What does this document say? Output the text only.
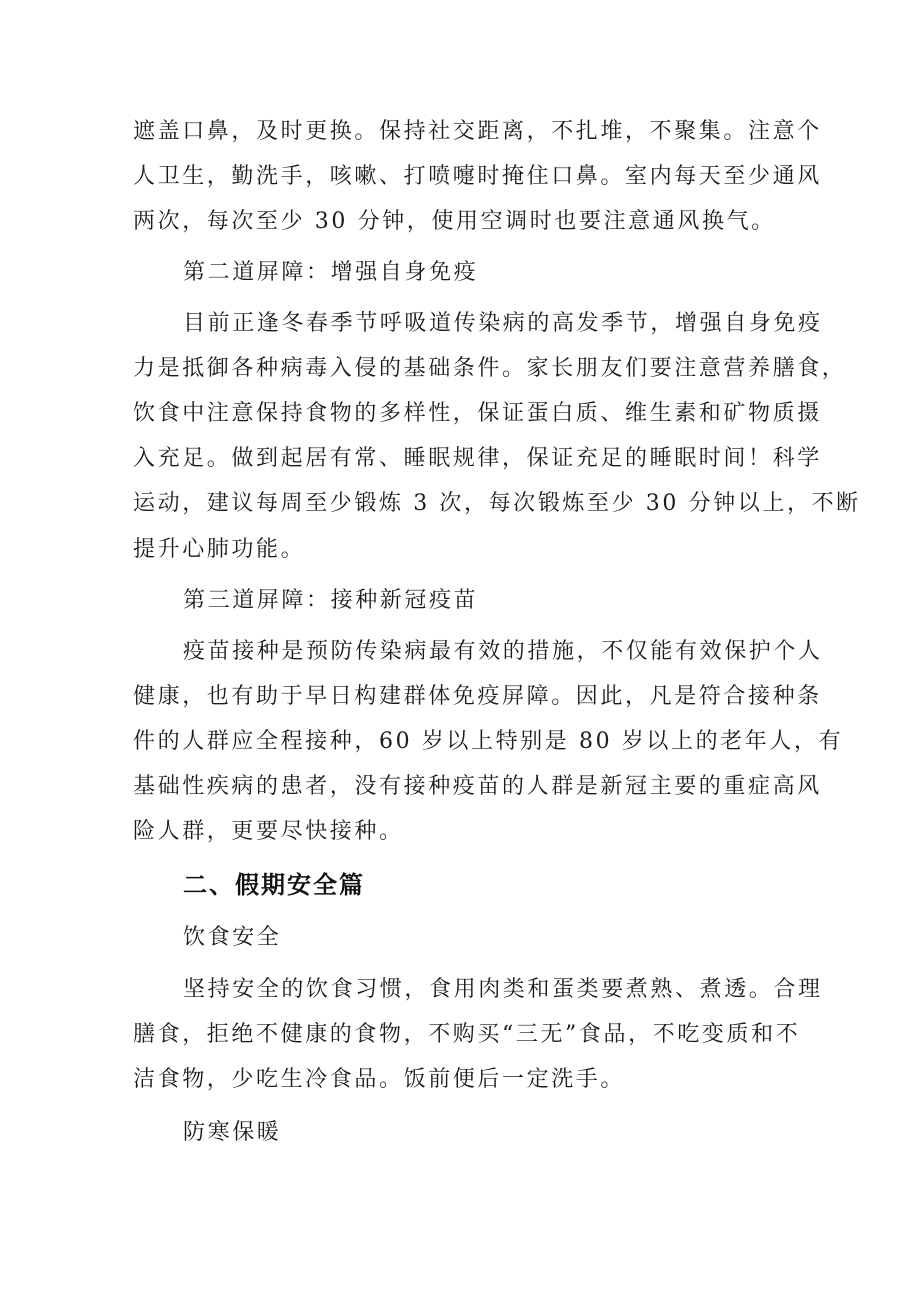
遮盖口鼻，及时更换。保持社交距离，不扎堆，不聚集。注意个

人卫生，勤洗手，咳嗽、打喷嚏时掩住口鼻。室内每天至少通风

两次，每次至少 30 分钟，使用空调时也要注意通风换气。

第二道屏障：增强自身免疫

目前正逢冬春季节呼吸道传染病的高发季节，增强自身免疫

力是抵御各种病毒入侵的基础条件。家长朋友们要注意营养膳食，

饮食中注意保持食物的多样性，保证蛋白质、维生素和矿物质摄

入充足。做到起居有常、睡眠规律，保证充足的睡眠时间！科学

运动，建议每周至少锻炼 3 次，每次锻炼至少 30 分钟以上，不断

提升心肺功能。

第三道屏障：接种新冠疫苗

疫苗接种是预防传染病最有效的措施，不仅能有效保护个人

健康，也有助于早日构建群体免疫屏障。因此，凡是符合接种条

件的人群应全程接种，60 岁以上特别是 80 岁以上的老年人，有

基础性疾病的患者，没有接种疫苗的人群是新冠主要的重症高风

险人群，更要尽快接种。

二、假期安全篇

饮食安全

坚持安全的饮食习惯，食用肉类和蛋类要煮熟、煮透。合理

膳食，拒绝不健康的食物，不购买“三无”食品，不吃变质和不

洁食物，少吃生冷食品。饭前便后一定洗手。

防寒保暖
